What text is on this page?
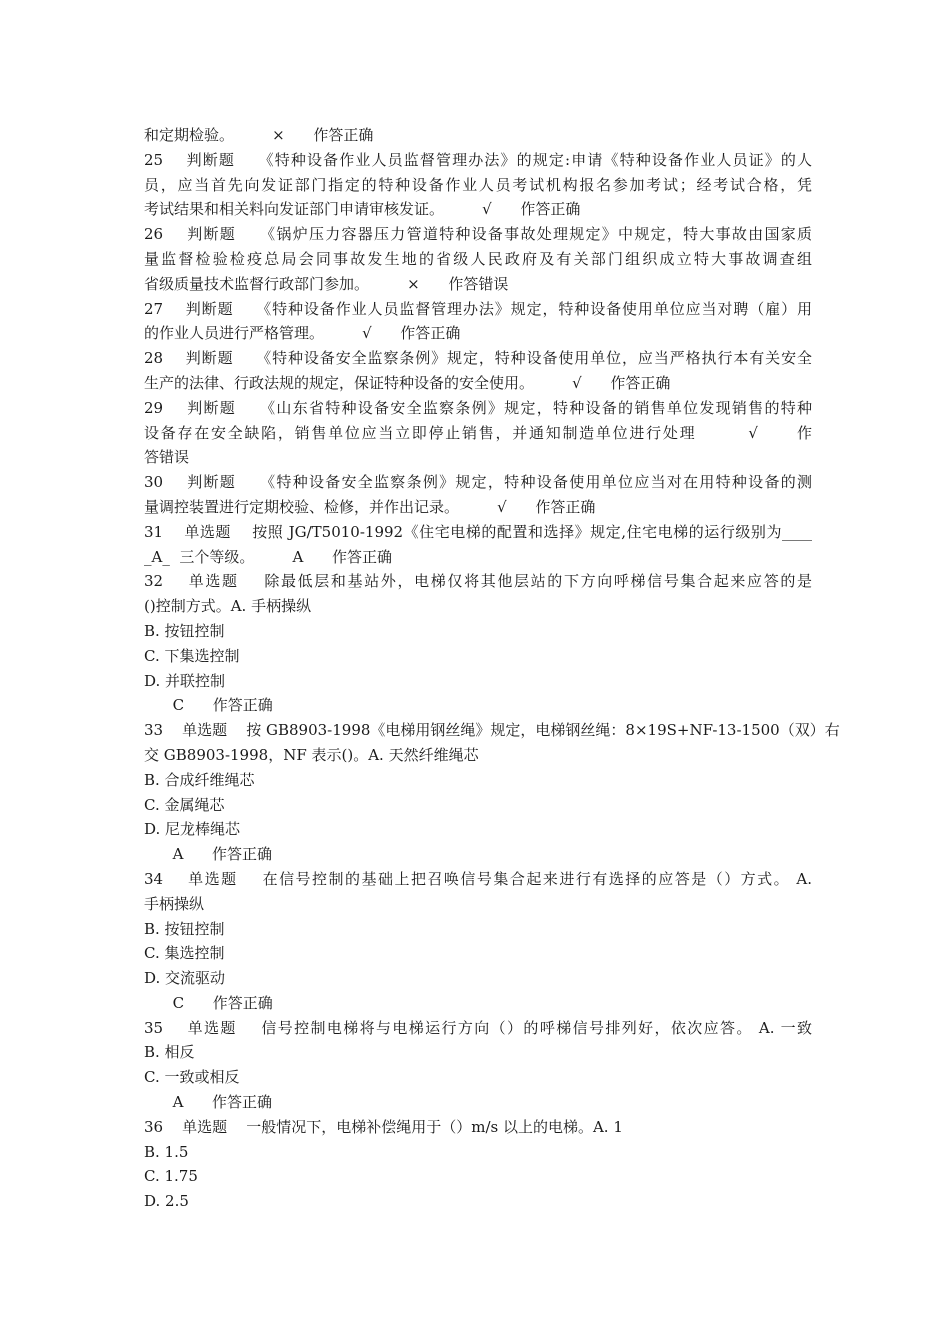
和定期检验。        ×      作答正确
25    判断题    《特种设备作业人员监督管理办法》的规定:申请《特种设备作业人员证》的人
员，应当首先向发证部门指定的特种设备作业人员考试机构报名参加考试；经考试合格，凭
考试结果和相关料向发证部门申请审核发证。        √      作答正确
26    判断题    《锅炉压力容器压力管道特种设备事故处理规定》中规定，特大事故由国家质
量监督检验检疫总局会同事故发生地的省级人民政府及有关部门组织成立特大事故调查组
省级质量技术监督行政部门参加。        ×      作答错误
27    判断题    《特种设备作业人员监督管理办法》规定，特种设备使用单位应当对聘（雇）用
的作业人员进行严格管理。        √      作答正确
28    判断题    《特种设备安全监察条例》规定，特种设备使用单位，应当严格执行本有关安全
生产的法律、行政法规的规定，保证特种设备的安全使用。        √      作答正确
29    判断题    《山东省特种设备安全监察条例》规定，特种设备的销售单位发现销售的特种
设备存在安全缺陷，销售单位应当立即停止销售，并通知制造单位进行处理        √      作
答错误
30    判断题    《特种设备安全监察条例》规定，特种设备使用单位应当对在用特种设备的测
量调控装置进行定期校验、检修，并作出记录。        √      作答正确
31    单选题    按照 JG/T5010-1992《住宅电梯的配置和选择》规定,住宅电梯的运行级别为____
_A_  三个等级。        A      作答正确
32    单选题    除最低层和基站外，电梯仅将其他层站的下方向呼梯信号集合起来应答的是
()控制方式。A. 手柄操纵
B. 按钮控制
C. 下集选控制
D. 并联控制
C      作答正确
33    单选题    按 GB8903-1998《电梯用钢丝绳》规定，电梯钢丝绳：8×19S+NF-13-1500（双）右
交 GB8903-1998，NF 表示()。A. 天然纤维绳芯
B. 合成纤维绳芯
C. 金属绳芯
D. 尼龙棒绳芯
A      作答正确
34    单选题    在信号控制的基础上把召唤信号集合起来进行有选择的应答是（）方式。 A.
手柄操纵
B. 按钮控制
C. 集选控制
D. 交流驱动
C      作答正确
35    单选题    信号控制电梯将与电梯运行方向（）的呼梯信号排列好，依次应答。 A. 一致
B. 相反
C. 一致或相反
A      作答正确
36    单选题    一般情况下，电梯补偿绳用于（）m/s 以上的电梯。A. 1
B. 1.5
C. 1.75
D. 2.5
